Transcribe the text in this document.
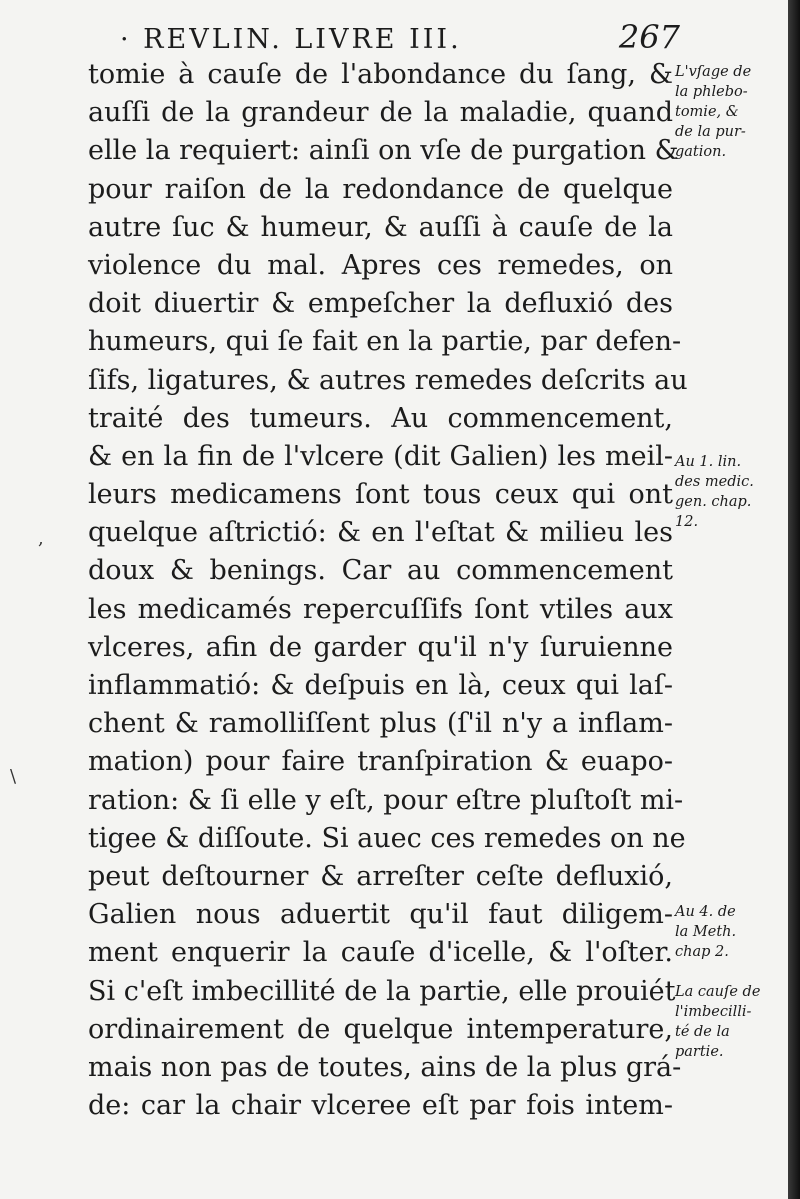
· REVLIN. LIVRE III.	267
tomie à cauſe de l'abondance du ſang, &
auſſi de la grandeur de la maladie, quand
elle la requiert: ainſi on vſe de purgation &
pour raiſon de la redondance de quelque
autre ſuc & humeur, & auſſi à cauſe de la
violence du mal. Apres ces remedes, on
doit diuertir & empeſcher la defluxió des
humeurs, qui ſe fait en la partie, par defen-
ſifs, ligatures, & autres remedes deſcrits au
traité des tumeurs. Au commencement,
& en la fin de l'vlcere (dit Galien) les meil-
leurs medicamens ſont tous ceux qui ont
quelque aſtrictió: & en l'eſtat & milieu les
doux & benings. Car au commencement
les medicamés repercuſſifs ſont vtiles aux
vlceres, afin de garder qu'il n'y ſuruienne
inflammatió: & deſpuis en là, ceux qui laſ-
chent & ramolliſſent plus (ſ'il n'y a inflam-
mation) pour faire tranſpiration & euapo-
ration: & ſi elle y eſt, pour eſtre pluſtoſt mi-
tigee & diſſoute. Si auec ces remedes on ne
peut deſtourner & arreſter ceſte defluxió,
Galien nous aduertit qu'il faut diligem-
ment enquerir la cauſe d'icelle, & l'oſter.
Si c'eſt imbecillité de la partie, elle prouiét
ordinairement de quelque intemperature,
mais non pas de toutes, ains de la plus grá-
de: car la chair vlceree eſt par fois intem-
L'vſage de
la phlebo-
tomie, &
de la pur-
gation.
Au 1. lin.
des medic.
gen. chap.
12.
Au 4. de
la Meth.
chap 2.
La cauſe de
l'imbecilli-
té de la
partie.
,
\
